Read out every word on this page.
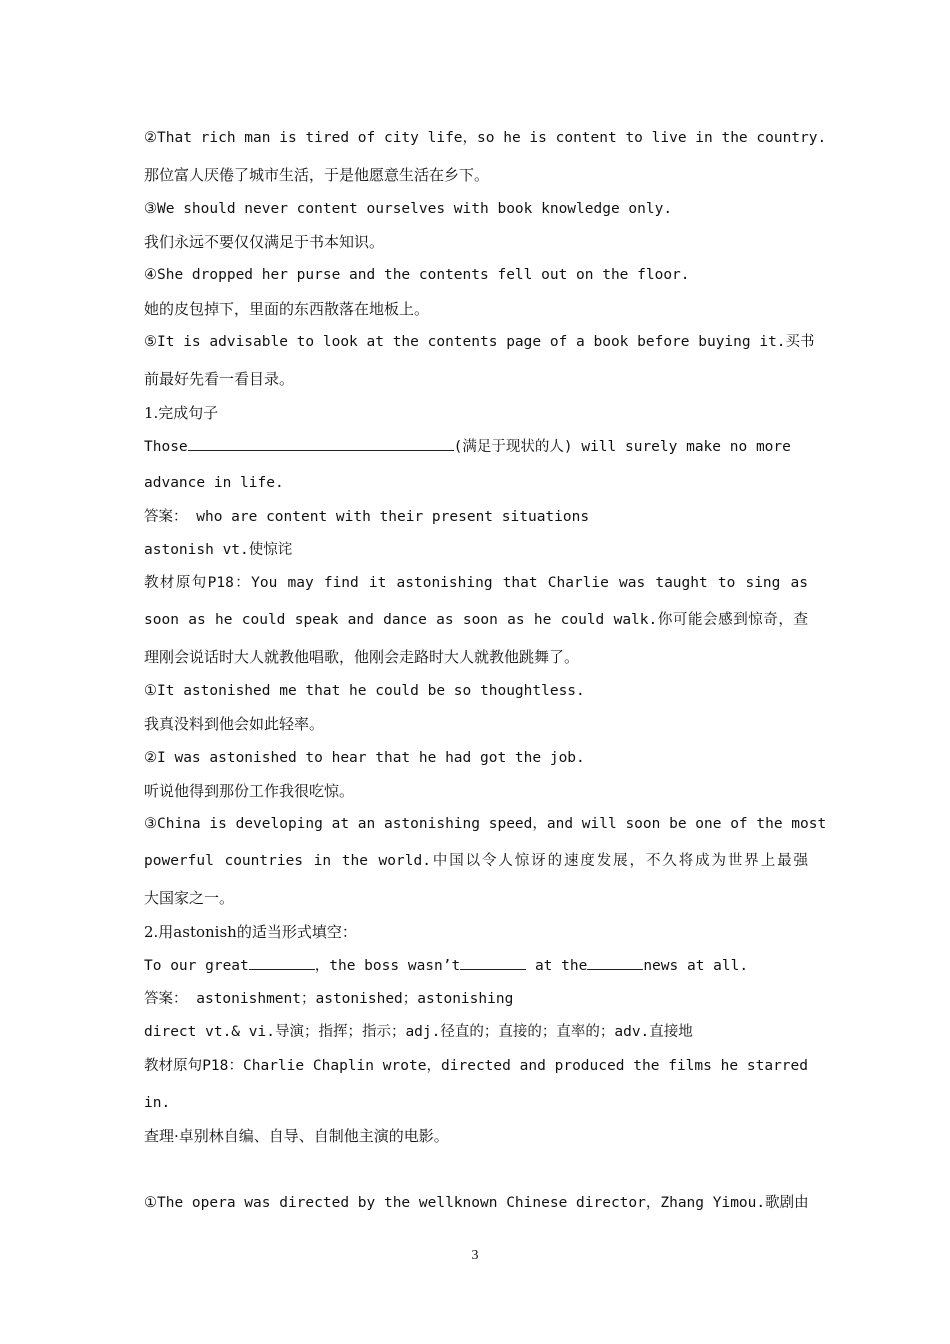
②That rich man is tired of city life，so he is content to live in the country.
那位富人厌倦了城市生活，于是他愿意生活在乡下。
③We should never content ourselves with book knowledge only.
我们永远不要仅仅满足于书本知识。
④She dropped her purse and the contents fell out on the floor.
她的皮包掉下，里面的东西散落在地板上。
⑤It is advisable to look at the contents page of a book before buying it.买书
前最好先看一看目录。
1.完成句子
Those	(满足于现状的人) will surely make no more
advance in life.
答案： who are content with their present situations
astonish vt.使惊诧
教材原句P18：You may find it astonishing that Charlie was taught to sing as
soon as he could speak and dance as soon as he could walk.你可能会感到惊奇，查
理刚会说话时大人就教他唱歌，他刚会走路时大人就教他跳舞了。
①It astonished me that he could be so thoughtless.
我真没料到他会如此轻率。
②I was astonished to hear that he had got the job.
听说他得到那份工作我很吃惊。
③China is developing at an astonishing speed，and will soon be one of the most
powerful countries in the world.中国以令人惊讶的速度发展，不久将成为世界上最强
大国家之一。
2.用astonish的适当形式填空：
To our great	，the boss wasn’t	at the	news at all.
答案： astonishment；astonished；astonishing
direct vt.& vi.导演；指挥；指示；adj.径直的；直接的；直率的；adv.直接地
教材原句P18：Charlie Chaplin wrote，directed and produced the films he starred
in.
查理·卓别林自编、自导、自制他主演的电影。
①The opera was directed by the wellknown Chinese director，Zhang Yimou.歌剧由
3
